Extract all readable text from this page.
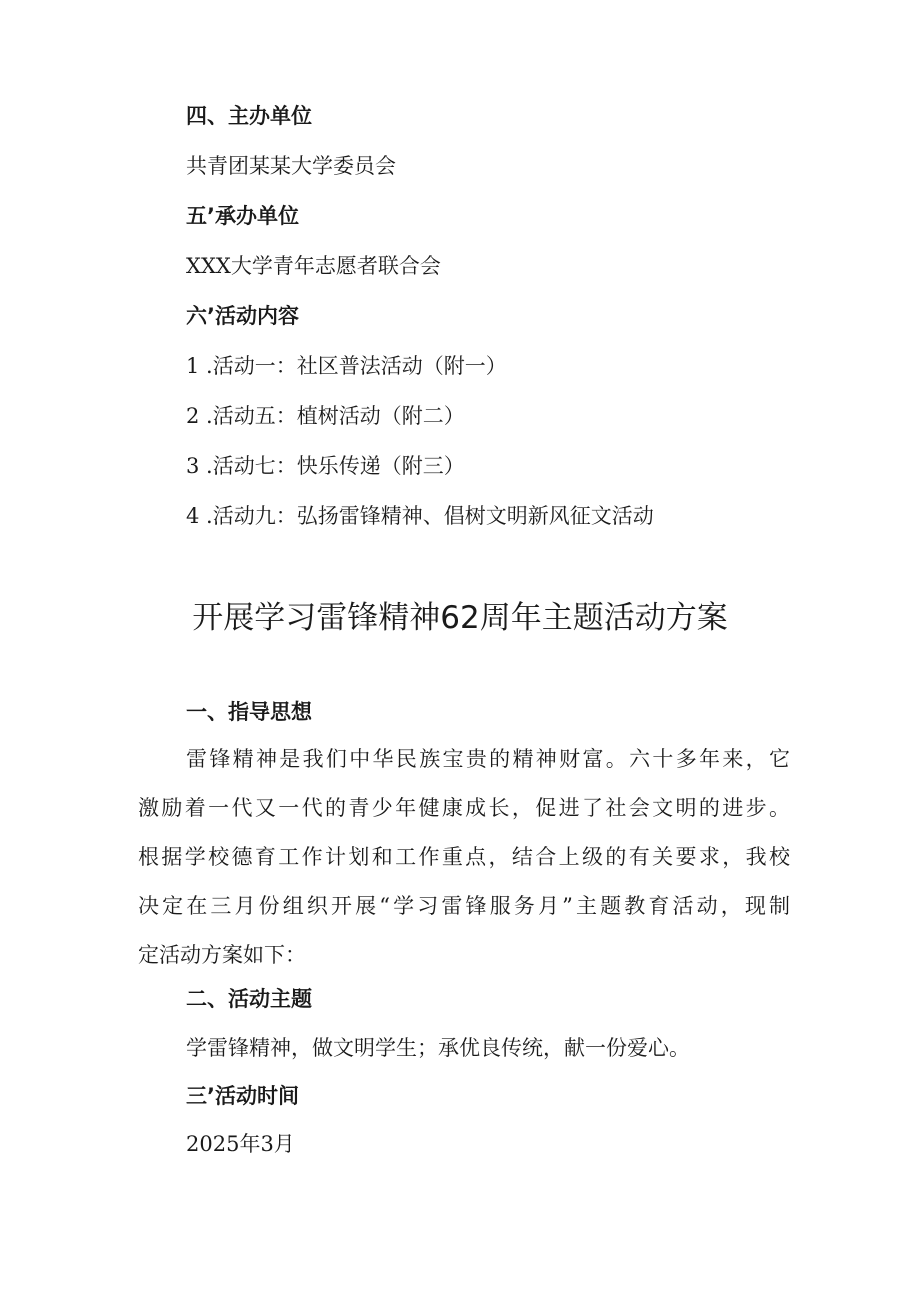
四、主办单位
共青团某某大学委员会
五’承办单位
XXX大学青年志愿者联合会
六’活动内容
1 .活动一：社区普法活动（附一）
2 .活动五：植树活动（附二）
3 .活动七：快乐传递（附三）
4 .活动九：弘扬雷锋精神、倡树文明新风征文活动
开展学习雷锋精神62周年主题活动方案
一、指导思想
雷锋精神是我们中华民族宝贵的精神财富。六十多年来，它
激励着一代又一代的青少年健康成长，促进了社会文明的进步。
根据学校德育工作计划和工作重点，结合上级的有关要求，我校
决定在三月份组织开展“学习雷锋服务月”主题教育活动，现制
定活动方案如下：
二、活动主题
学雷锋精神，做文明学生；承优良传统，献一份爱心。
三’活动时间
2025年3月
